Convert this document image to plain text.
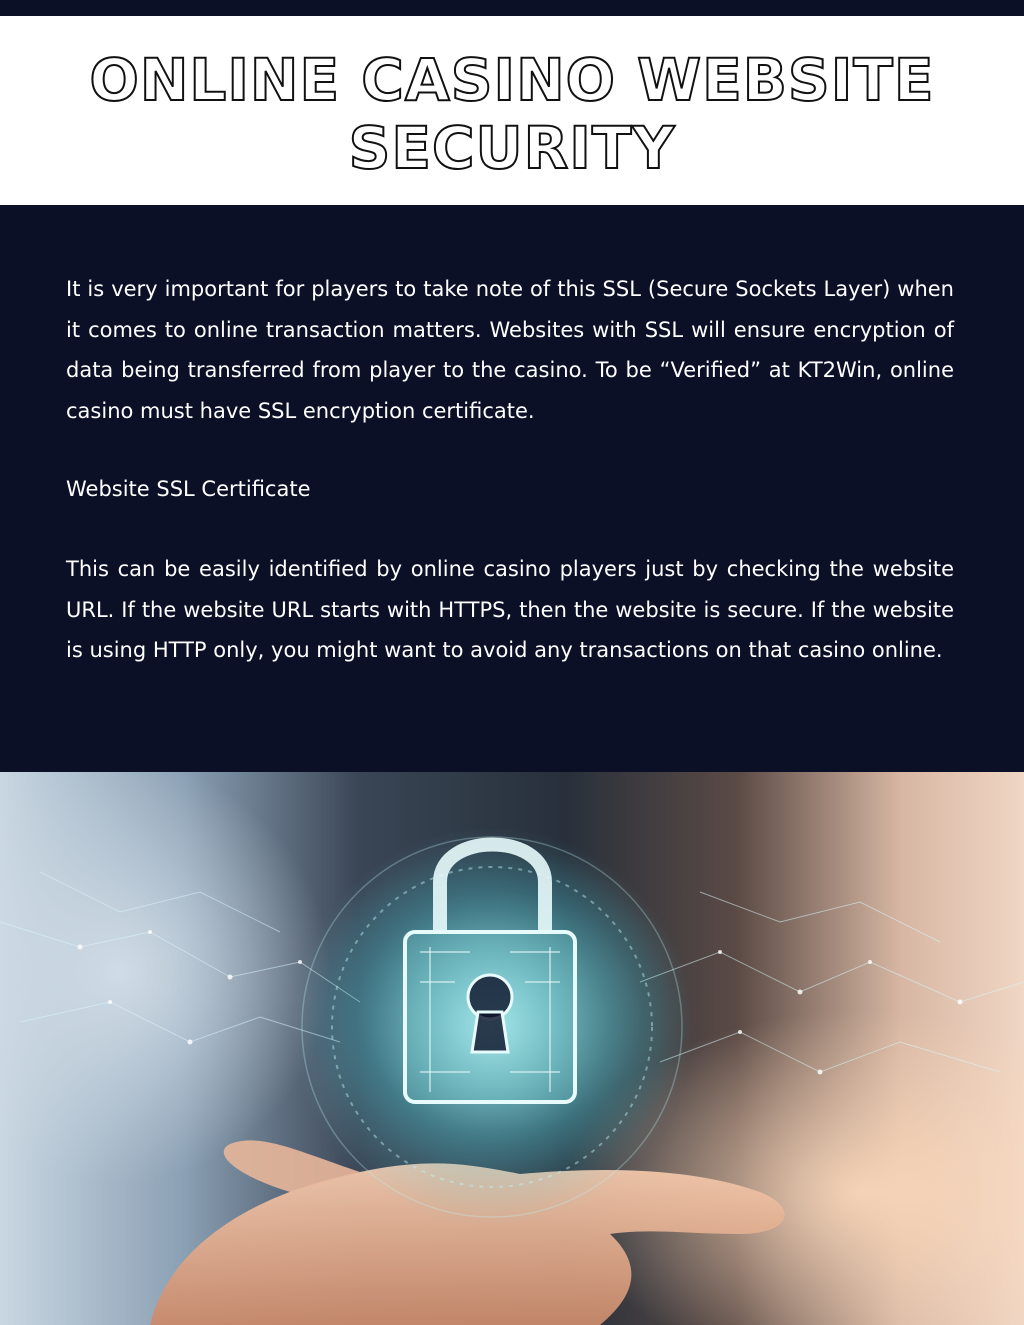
ONLINE CASINO WEBSITE SECURITY

It is very important for players to take note of this SSL (Secure Sockets Layer) when it comes to online transaction matters. Websites with SSL will ensure encryption of data being transferred from player to the casino. To be “Verified” at KT2Win, online casino must have SSL encryption certificate.

Website SSL Certificate

This can be easily identified by online casino players just by checking the website URL. If the website URL starts with HTTPS, then the website is secure. If the website is using HTTP only, you might want to avoid any transactions on that casino online.
